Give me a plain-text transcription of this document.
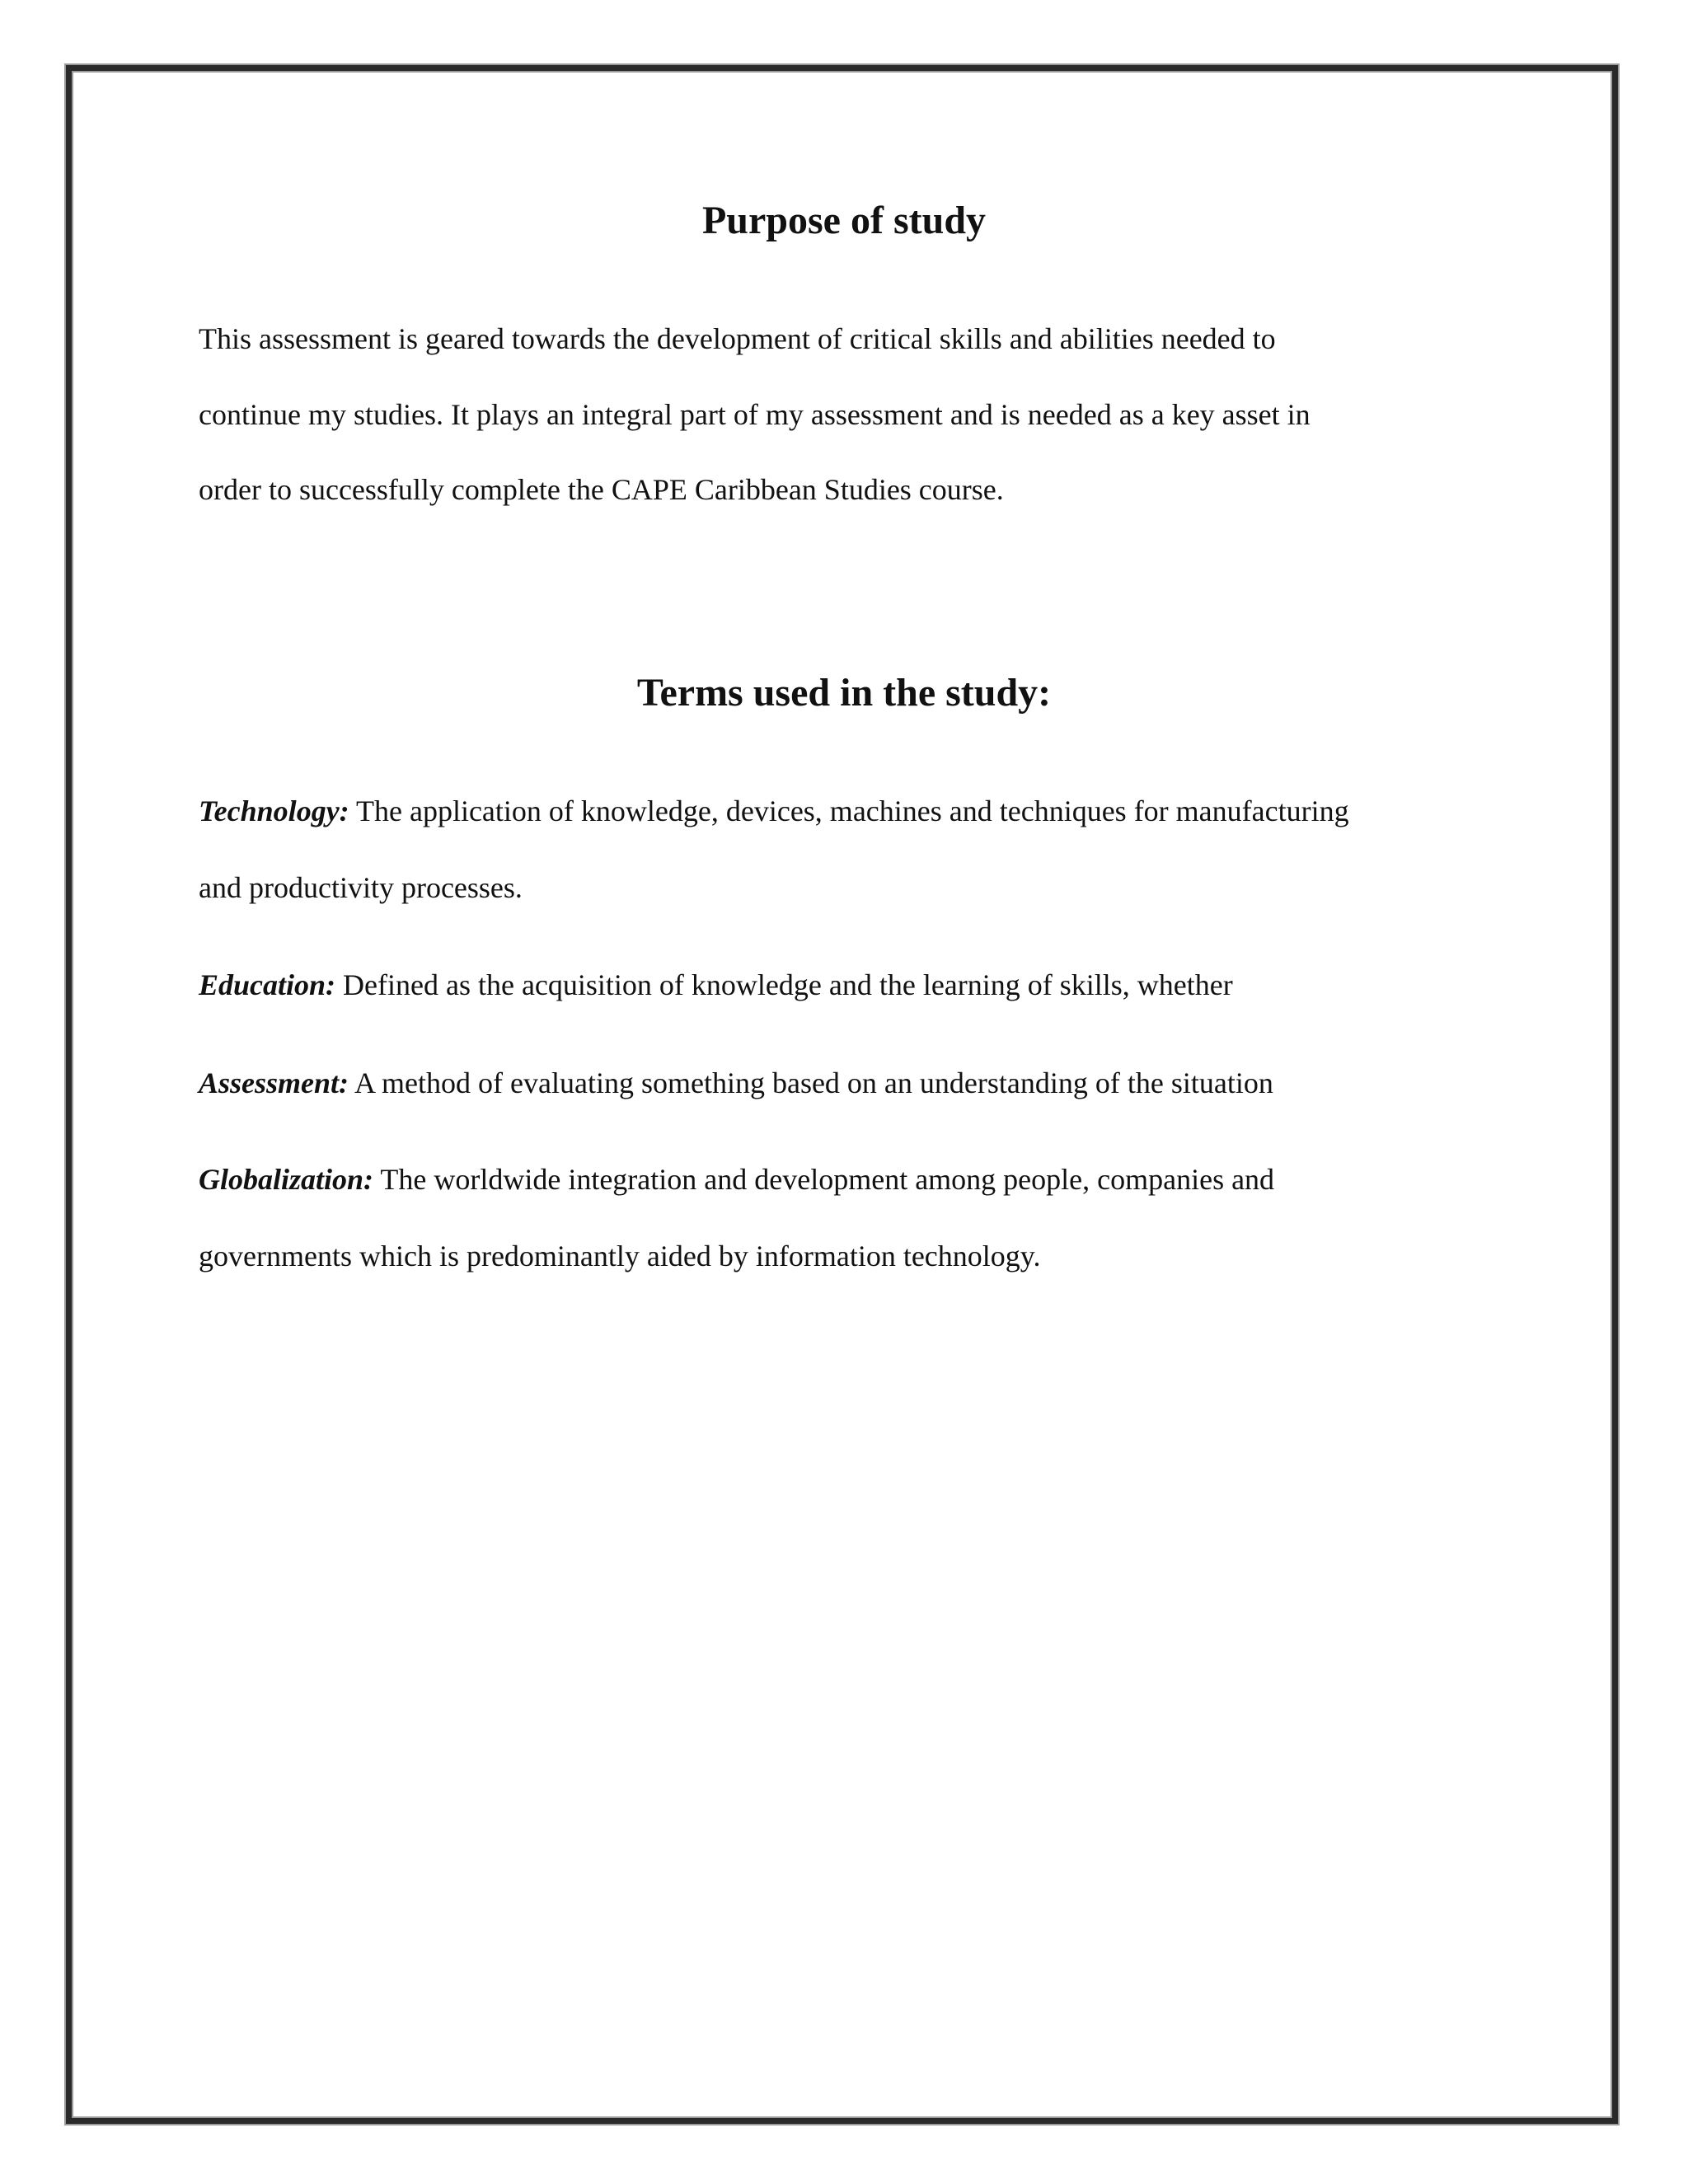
Purpose of study

This assessment is geared towards the development of critical skills and abilities needed to

continue my studies. It plays an integral part of my assessment and is needed as a key asset in

order to successfully complete the CAPE Caribbean Studies course.

Terms used in the study:

Technology: The application of knowledge, devices, machines and techniques for manufacturing

and productivity processes.

Education: Defined as the acquisition of knowledge and the learning of skills, whether

Assessment: A method of evaluating something based on an understanding of the situation

Globalization: The worldwide integration and development among people, companies and

governments which is predominantly aided by information technology.
